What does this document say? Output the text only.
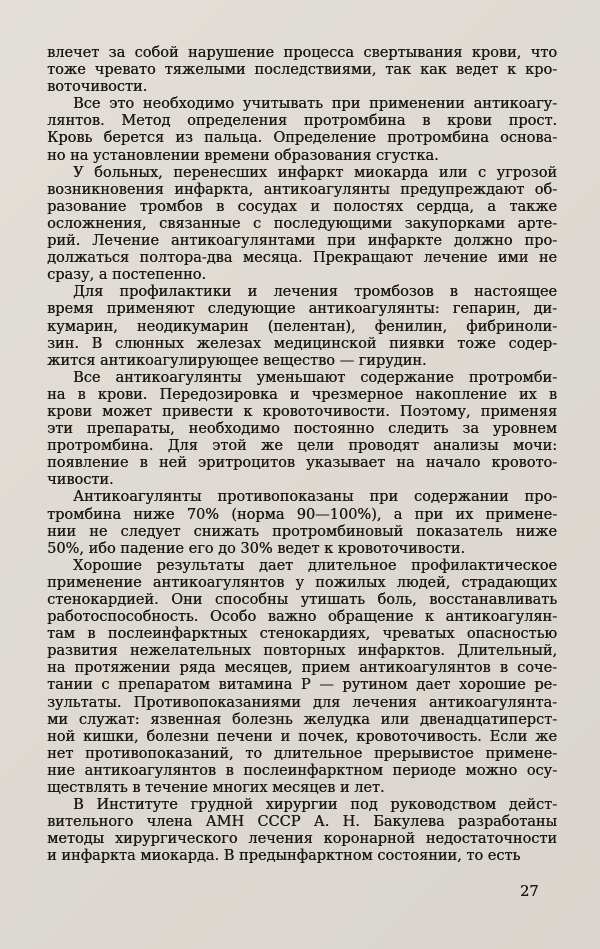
влечет за собой нарушение процесса свертывания крови, что
тоже чревато тяжелыми последствиями, так как ведет к кро-
воточивости.
Все это необходимо учитывать при применении антикоагу-
лянтов. Метод определения протромбина в крови прост.
Кровь берется из пальца. Определение протромбина основа-
но на установлении времени образования сгустка.
У больных, перенесших инфаркт миокарда или с угрозой
возникновения инфаркта, антикоагулянты предупреждают об-
разование тромбов в сосудах и полостях сердца, а также
осложнения, связанные с последующими закупорками арте-
рий. Лечение антикоагулянтами при инфаркте должно про-
должаться полтора-два месяца. Прекращают лечение ими не
сразу, а постепенно.
Для профилактики и лечения тромбозов в настоящее
время применяют следующие антикоагулянты: гепарин, ди-
кумарин, неодикумарин (пелентан), фенилин, фибриноли-
зин. В слюнных железах медицинской пиявки тоже содер-
жится антикоагулирующее вещество — гирудин.
Все антикоагулянты уменьшают содержание протромби-
на в крови. Передозировка и чрезмерное накопление их в
крови может привести к кровоточивости. Поэтому, применяя
эти препараты, необходимо постоянно следить за уровнем
протромбина. Для этой же цели проводят анализы мочи:
появление в ней эритроцитов указывает на начало кровото-
чивости.
Антикоагулянты противопоказаны при содержании про-
тромбина ниже 70% (норма 90—100%), а при их примене-
нии не следует снижать протромбиновый показатель ниже
50%, ибо падение его до 30% ведет к кровоточивости.
Хорошие результаты дает длительное профилактическое
применение антикоагулянтов у пожилых людей, страдающих
стенокардией. Они способны утишать боль, восстанавливать
работоспособность. Особо важно обращение к антикоагулян-
там в послеинфарктных стенокардиях, чреватых опасностью
развития нежелательных повторных инфарктов. Длительный,
на протяжении ряда месяцев, прием антикоагулянтов в соче-
тании с препаратом витамина Р — рутином дает хорошие ре-
зультаты. Противопоказаниями для лечения антикоагулянта-
ми служат: язвенная болезнь желудка или двенадцатиперст-
ной кишки, болезни печени и почек, кровоточивость. Если же
нет противопоказаний, то длительное прерывистое примене-
ние антикоагулянтов в послеинфарктном периоде можно осу-
ществлять в течение многих месяцев и лет.
В Институте грудной хирургии под руководством дейст-
вительного члена АМН СССР А. Н. Бакулева разработаны
методы хирургического лечения коронарной недостаточности
и инфаркта миокарда. В предынфарктном состоянии, то есть
27
